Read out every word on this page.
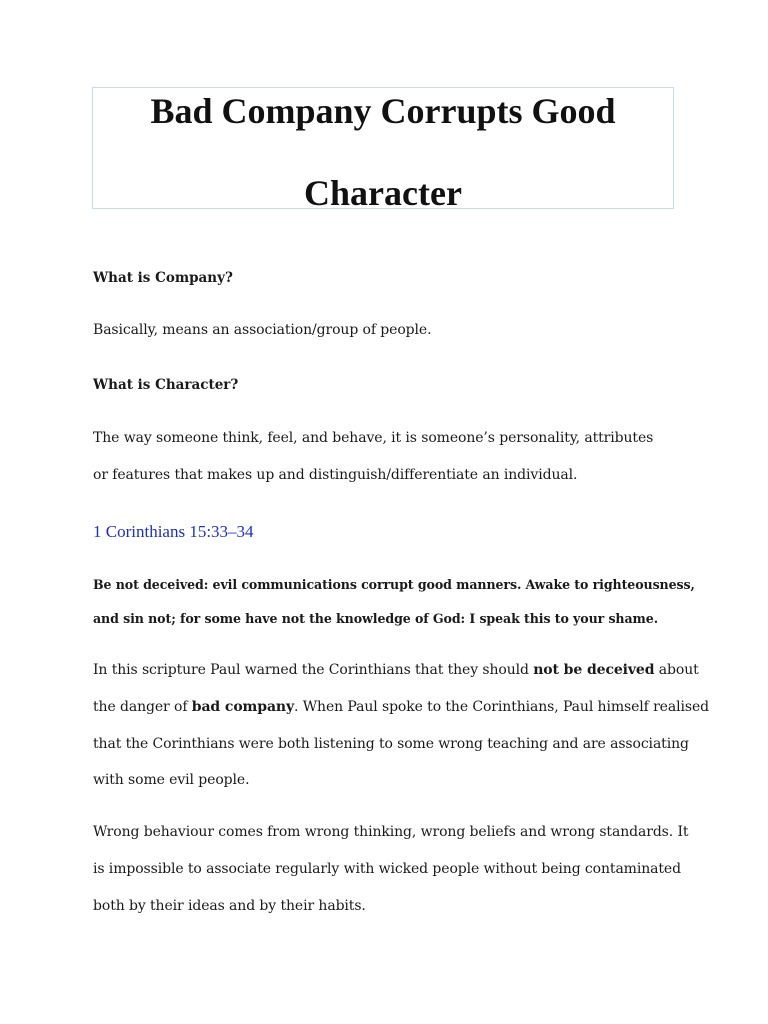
Bad Company Corrupts Good
Character
What is Company?
Basically, means an association/group of people.
What is Character?
The way someone think, feel, and behave, it is someone’s personality, attributes
or features that makes up and distinguish/differentiate an individual.
1 Corinthians 15:33–34
Be not deceived: evil communications corrupt good manners. Awake to righteousness,
and sin not; for some have not the knowledge of God: I speak this to your shame.
In this scripture Paul warned the Corinthians that they should not be deceived about
the danger of bad company. When Paul spoke to the Corinthians, Paul himself realised
that the Corinthians were both listening to some wrong teaching and are associating
with some evil people.
Wrong behaviour comes from wrong thinking, wrong beliefs and wrong standards. It
is impossible to associate regularly with wicked people without being contaminated
both by their ideas and by their habits.
